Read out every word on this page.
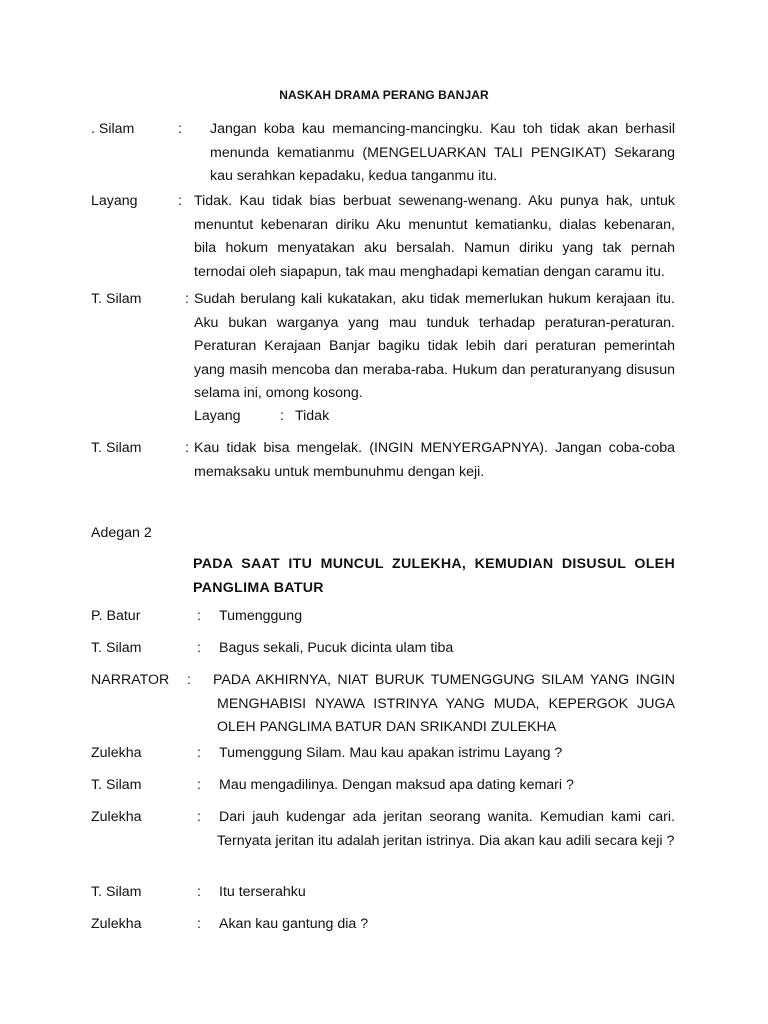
NASKAH DRAMA PERANG BANJAR
. Silam	:	Jangan koba kau memancing-mancingku. Kau toh tidak akan berhasil menunda kematianmu (MENGELUARKAN TALI PENGIKAT) Sekarang kau serahkan kepadaku, kedua tanganmu itu.

Layang	: Tidak. Kau tidak bias berbuat sewenang-wenang. Aku punya hak, untuk menuntut kebenaran diriku Aku menuntut kematianku, dialas kebenaran, bila hokum menyatakan aku bersalah. Namun diriku yang tak pernah ternodai oleh siapapun, tak mau menghadapi kematian dengan caramu itu.

T. Silam	: Sudah berulang kali kukatakan, aku tidak memerlukan hukum kerajaan itu. Aku bukan warganya yang mau tunduk terhadap peraturan-peraturan. Peraturan Kerajaan Banjar bagiku tidak lebih dari peraturan pemerintah yang masih mencoba dan meraba-raba. Hukum dan peraturanyang disusun selama ini, omong kosong.

Layang	: Tidak
T. Silam	: Kau tidak bisa mengelak. (INGIN MENYERGAPNYA). Jangan coba-coba memaksaku untuk membunuhmu dengan keji.

Adegan 2
PADA SAAT ITU MUNCUL ZULEKHA, KEMUDIAN DISUSUL OLEH PANGLIMA BATUR
P. Batur	: Tumenggung
T. Silam	: Bagus sekali, Pucuk dicinta ulam tiba
NARRATOR : PADA AKHIRNYA, NIAT BURUK TUMENGGUNG SILAM YANG INGIN MENGHABISI NYAWA ISTRINYA YANG MUDA, KEPERGOK JUGA OLEH PANGLIMA BATUR DAN SRIKANDI ZULEKHA

Zulekha	: Tumenggung Silam. Mau kau apakan istrimu Layang ?
T. Silam	: Mau mengadilinya. Dengan maksud apa dating kemari ?
Zulekha	: Dari jauh kudengar ada jeritan seorang wanita. Kemudian kami cari. Ternyata jeritan itu adalah jeritan istrinya. Dia akan kau adili secara keji ?

T. Silam	: Itu terserahku
Zulekha	: Akan kau gantung dia ?
